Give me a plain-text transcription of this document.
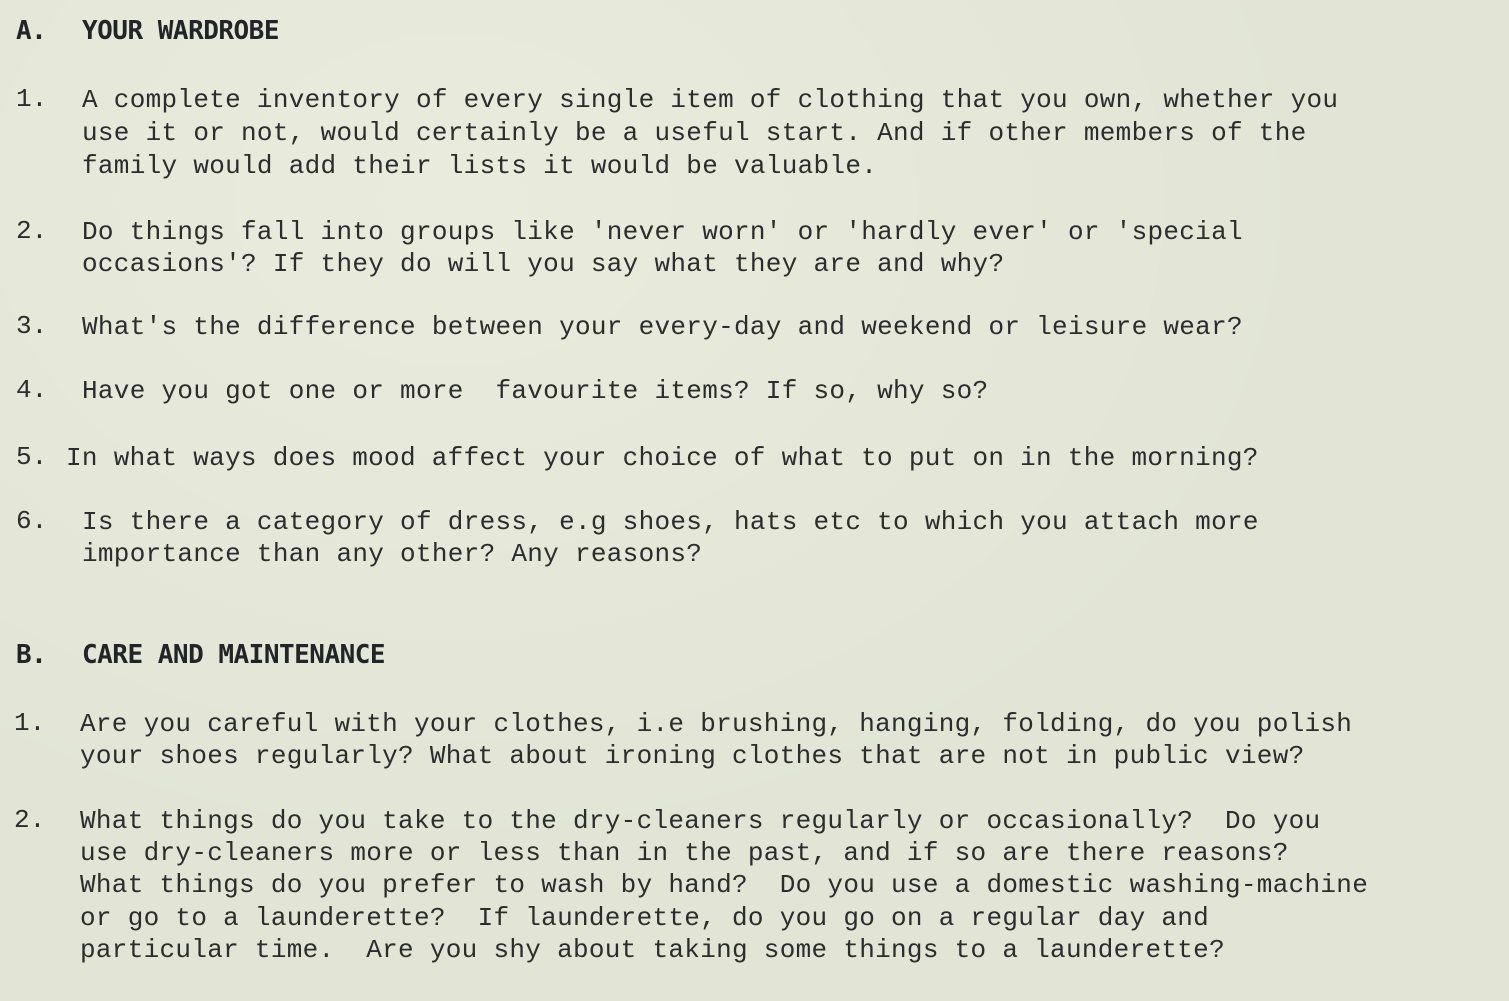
A. YOUR WARDROBE
1. A complete inventory of every single item of clothing that you own, whether you
use it or not, would certainly be a useful start. And if other members of the
family would add their lists it would be valuable.
2. Do things fall into groups like 'never worn' or 'hardly ever' or 'special
occasions'? If they do will you say what they are and why?
3. What's the difference between your every-day and weekend or leisure wear?
4. Have you got one or more  favourite items? If so, why so?
5. In what ways does mood affect your choice of what to put on in the morning?
6. Is there a category of dress, e.g shoes, hats etc to which you attach more
importance than any other? Any reasons?
B. CARE AND MAINTENANCE
1. Are you careful with your clothes, i.e brushing, hanging, folding, do you polish
your shoes regularly? What about ironing clothes that are not in public view?
2. What things do you take to the dry-cleaners regularly or occasionally?  Do you
use dry-cleaners more or less than in the past, and if so are there reasons?
What things do you prefer to wash by hand?  Do you use a domestic washing-machine
or go to a launderette?  If launderette, do you go on a regular day and
particular time.  Are you shy about taking some things to a launderette?
